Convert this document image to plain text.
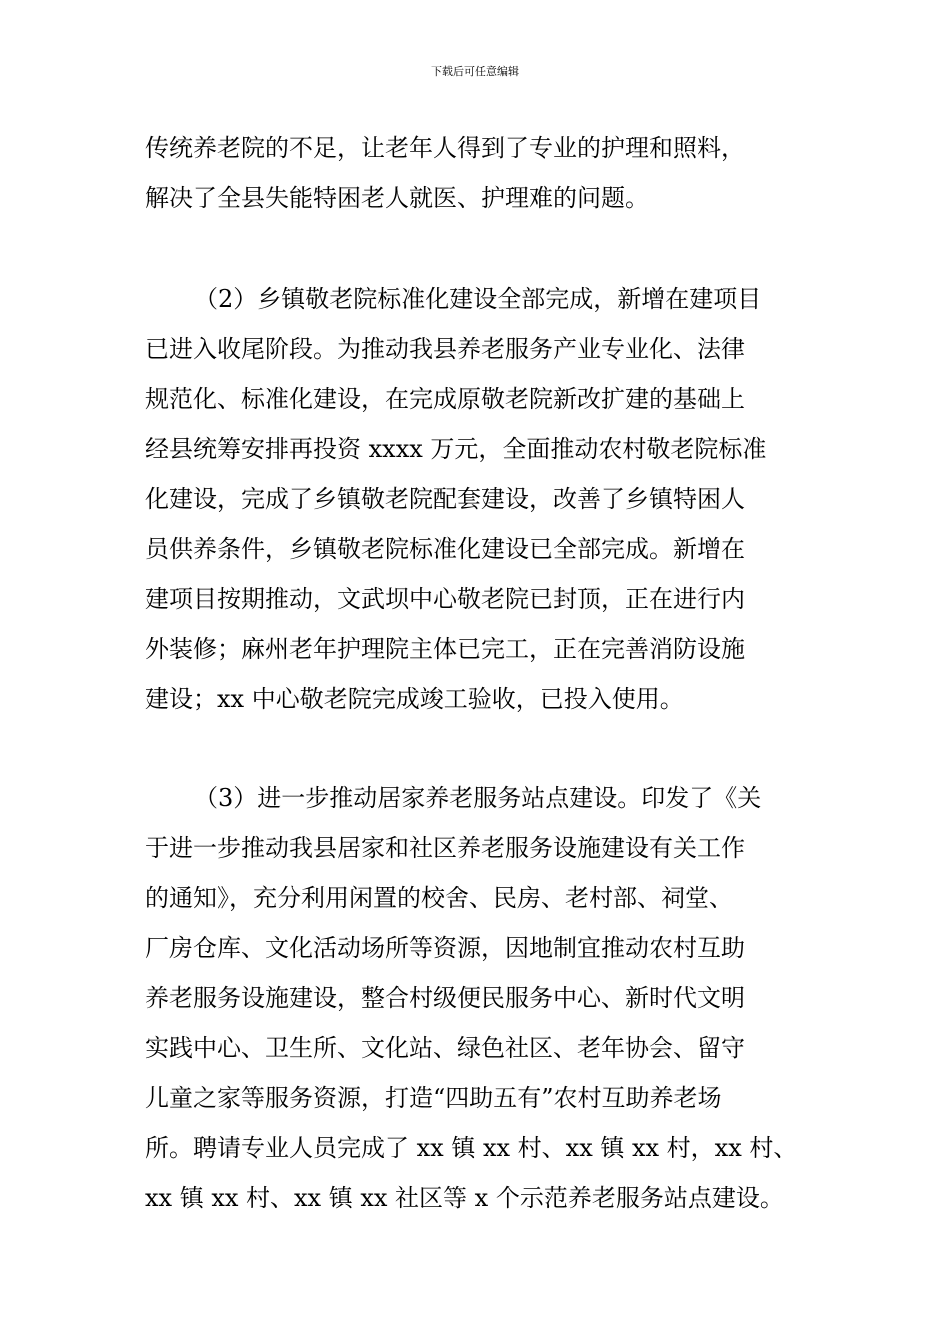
下载后可任意编辑
传统养老院的不足，让老年人得到了专业的护理和照料，
解决了全县失能特困老人就医、护理难的问题。
（2）乡镇敬老院标准化建设全部完成，新增在建项目
已进入收尾阶段。为推动我县养老服务产业专业化、法律
规范化、标准化建设，在完成原敬老院新改扩建的基础上
经县统筹安排再投资 xxxx 万元，全面推动农村敬老院标准
化建设，完成了乡镇敬老院配套建设，改善了乡镇特困人
员供养条件，乡镇敬老院标准化建设已全部完成。新增在
建项目按期推动，文武坝中心敬老院已封顶，正在进行内
外装修；麻州老年护理院主体已完工，正在完善消防设施
建设；xx 中心敬老院完成竣工验收，已投入使用。
（3）进一步推动居家养老服务站点建设。印发了《关
于进一步推动我县居家和社区养老服务设施建设有关工作
的通知》，充分利用闲置的校舍、民房、老村部、祠堂、
厂房仓库、文化活动场所等资源，因地制宜推动农村互助
养老服务设施建设，整合村级便民服务中心、新时代文明
实践中心、卫生所、文化站、绿色社区、老年协会、留守
儿童之家等服务资源，打造“四助五有”农村互助养老场
所。聘请专业人员完成了 xx 镇 xx 村、xx 镇 xx 村，xx 村、
xx 镇 xx 村、xx 镇 xx 社区等 x 个示范养老服务站点建设。
